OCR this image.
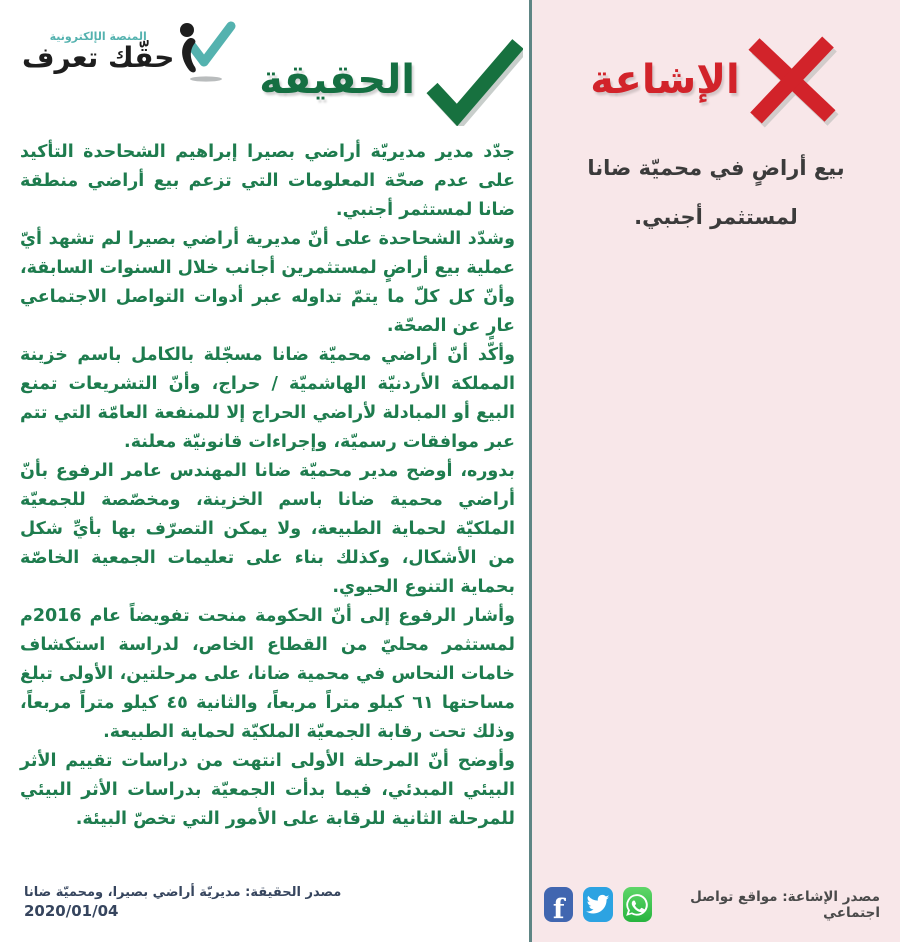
المنصة الإلكترونية
حقّك تعرف الحقيقة

جدّد مدير مديريّة أراضي بصيرا إبراهيم الشحاحدة التأكيد على عدم صحّة المعلومات التي تزعم بيع أراضي منطقة ضانا لمستثمر أجنبي.

وشدّد الشحاحدة على أنّ مديرية أراضي بصيرا لم تشهد أيّ عملية بيع أراضٍ لمستثمرين أجانب خلال السنوات السابقة، وأنّ كل كلّ ما يتمّ تداوله عبر أدوات التواصل الاجتماعي عارٍ عن الصحّة.

وأكّد أنّ أراضي محميّة ضانا مسجّلة بالكامل باسم خزينة المملكة الأردنيّة الهاشميّة / حراج، وأنّ التشريعات تمنع البيع أو المبادلة لأراضي الحراج إلا للمنفعة العامّة التي تتم عبر موافقات رسميّة، وإجراءات قانونيّة معلنة.

بدوره، أوضح مدير محميّة ضانا المهندس عامر الرفوع بأنّ أراضي محمية ضانا باسم الخزينة، ومخصّصة للجمعيّة الملكيّة لحماية الطبيعة، ولا يمكن التصرّف بها بأيِّ شكل من الأشكال، وكذلك بناء على تعليمات الجمعية الخاصّة بحماية التنوع الحيوي.

وأشار الرفوع إلى أنّ الحكومة منحت تفويضاً عام 2016م لمستثمر محليّ من القطاع الخاص، لدراسة استكشاف خامات النحاس في محمية ضانا، على مرحلتين، الأولى تبلغ مساحتها ٦١ كيلو متراً مربعاً، والثانية ٤٥ كيلو متراً مربعاً، وذلك تحت رقابة الجمعيّة الملكيّة لحماية الطبيعة.

وأوضح أنّ المرحلة الأولى انتهت من دراسات تقييم الأثر البيئي المبدئي، فيما بدأت الجمعيّة بدراسات الأثر البيئي للمرحلة الثانية للرقابة على الأمور التي تخصّ البيئة.

مصدر الحقيقة: مديريّة أراضي بصيرا، ومحميّة ضانا
2020/01/04
الإشاعة
بيع أراضٍ في محميّة ضانا لمستثمر أجنبي.
مصدر الإشاعة: مواقع تواصل اجتماعي
f
